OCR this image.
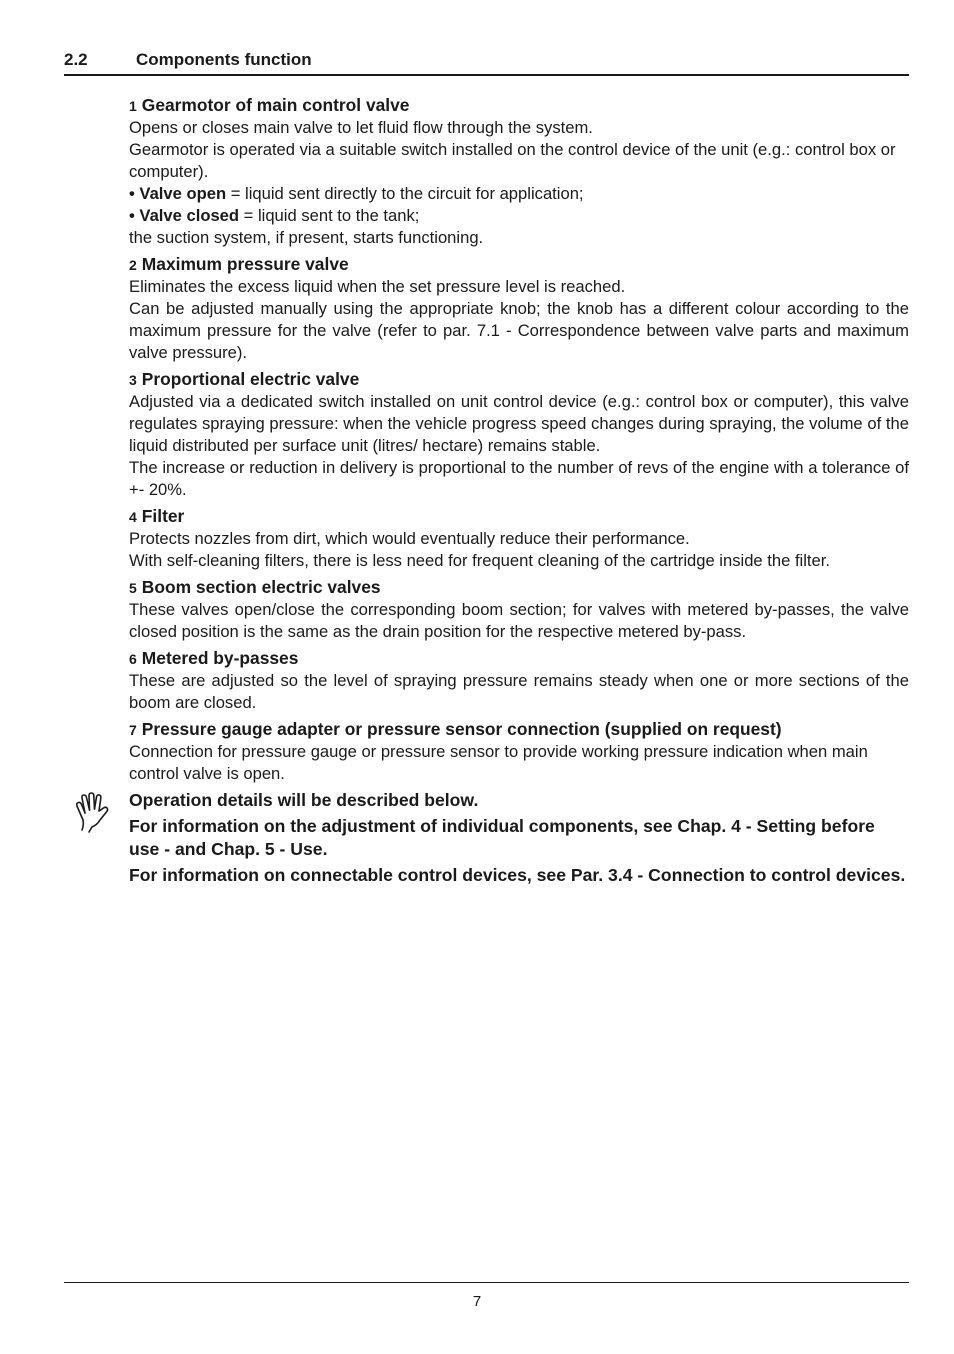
2.2	Components function
1 Gearmotor of main control valve

Opens or closes main valve to let fluid flow through the system.

Gearmotor is operated via a suitable switch installed on the control device of the unit (e.g.: control box or computer).

• Valve open = liquid sent directly to the circuit for application;

• Valve closed = liquid sent to the tank;

the suction system, if present, starts functioning.

2 Maximum pressure valve

Eliminates the excess liquid when the set pressure level is reached.

Can be adjusted manually using the appropriate knob; the knob has a different colour according to the maximum pressure for the valve (refer to par. 7.1 - Correspondence between valve parts and maximum valve pressure).

3 Proportional electric valve

Adjusted via a dedicated switch installed on unit control device (e.g.: control box or computer), this valve regulates spraying pressure: when the vehicle progress speed changes during spraying, the volume of the liquid distributed per surface unit (litres/ hectare) remains stable.

The increase or reduction in delivery is proportional to the number of revs of the engine with a tolerance of +- 20%.

4 Filter

Protects nozzles from dirt, which would eventually reduce their performance.

With self-cleaning filters, there is less need for frequent cleaning of the cartridge inside the filter.

5 Boom section electric valves

These valves open/close the corresponding boom section; for valves with metered by-passes, the valve closed position is the same as the drain position for the respective metered by-pass.

6 Metered by-passes

These are adjusted so the level of spraying pressure remains steady when one or more sections of the boom are closed.

7 Pressure gauge adapter or pressure sensor connection (supplied on request)

Connection for pressure gauge or pressure sensor to provide working pressure indication when main control valve is open.

Operation details will be described below.

For information on the adjustment of individual components, see Chap. 4 - Setting before use - and Chap. 5 - Use.

For information on connectable control devices, see Par. 3.4 - Connection to control devices.

7
